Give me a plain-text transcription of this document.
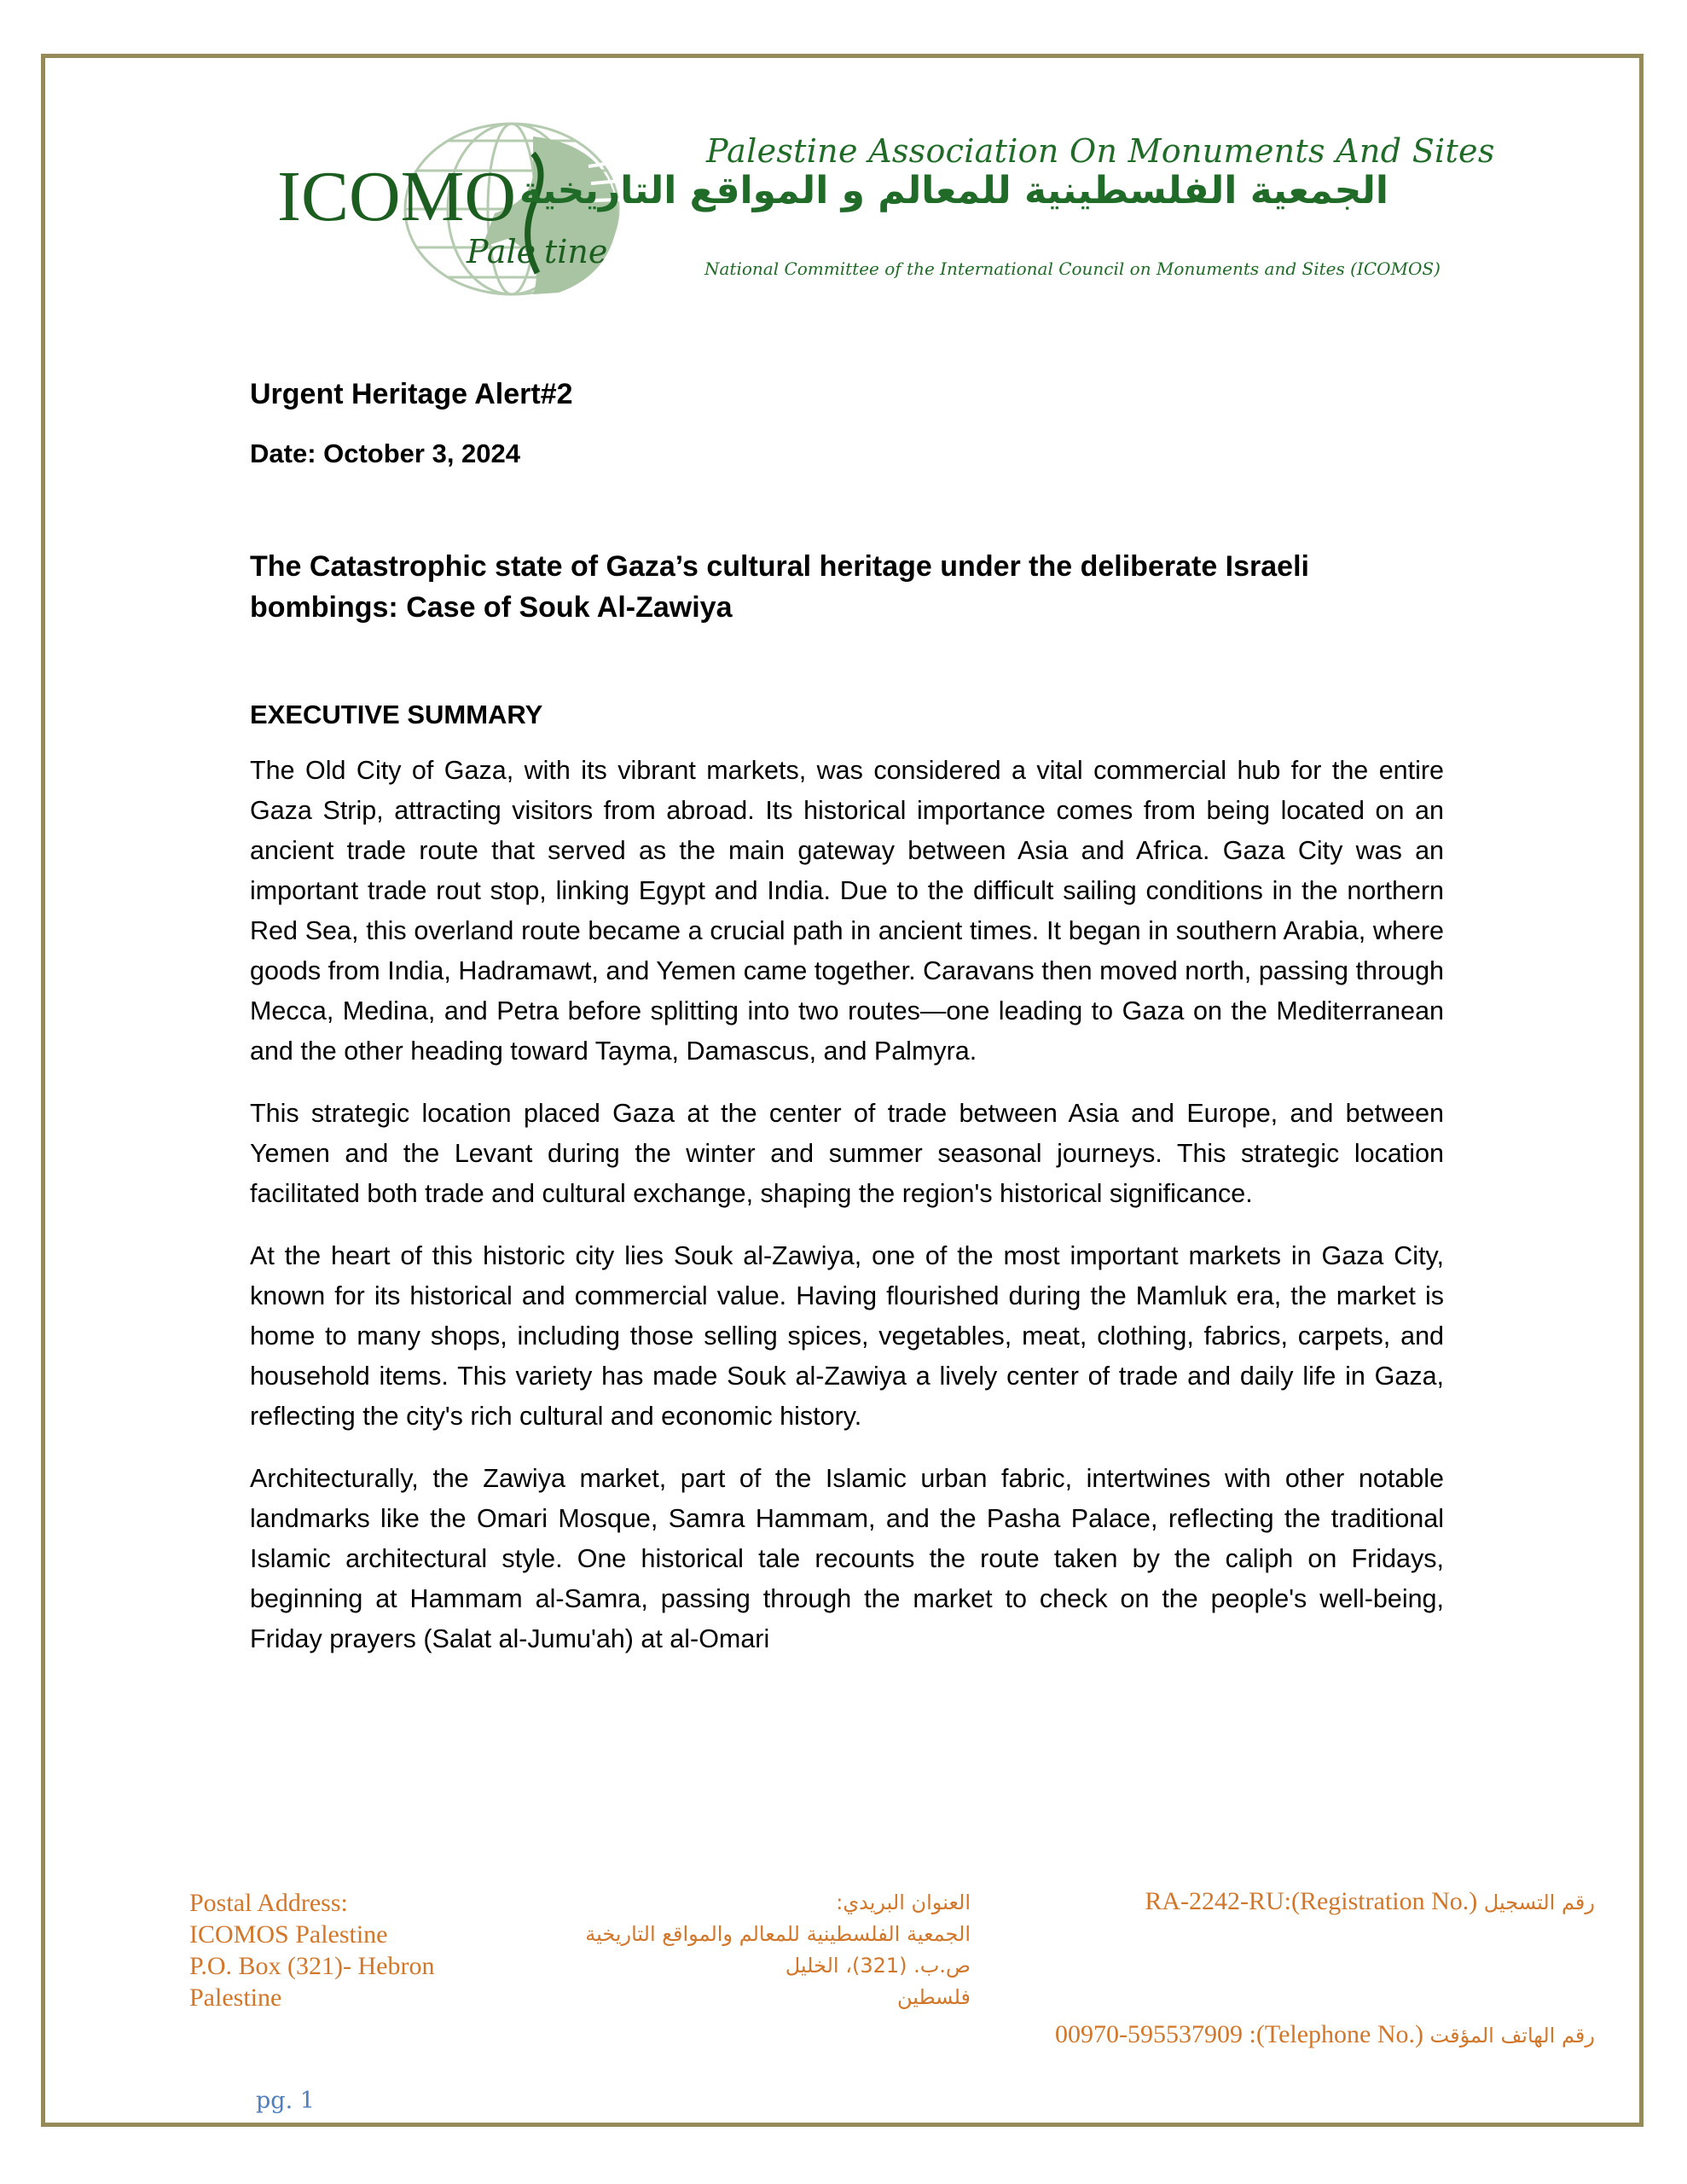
ICOMO
Pale tine
Palestine Association On Monuments And Sites
الجمعية الفلسطينية للمعالم و المواقع التاريخية
National Committee of the International Council on Monuments and Sites (ICOMOS)

Urgent Heritage Alert#2

Date: October 3, 2024

The Catastrophic state of Gaza’s cultural heritage under the deliberate Israeli bombings: Case of Souk Al-Zawiya

EXECUTIVE SUMMARY

The Old City of Gaza, with its vibrant markets, was considered a vital commercial hub for the entire Gaza Strip, attracting visitors from abroad. Its historical importance comes from being located on an ancient trade route that served as the main gateway between Asia and Africa. Gaza City was an important trade rout stop, linking Egypt and India. Due to the difficult sailing conditions in the northern Red Sea, this overland route became a crucial path in ancient times. It began in southern Arabia, where goods from India, Hadramawt, and Yemen came together. Caravans then moved north, passing through Mecca, Medina, and Petra before splitting into two routes—one leading to Gaza on the Mediterranean and the other heading toward Tayma, Damascus, and Palmyra.

This strategic location placed Gaza at the center of trade between Asia and Europe, and between Yemen and the Levant during the winter and summer seasonal journeys. This strategic location facilitated both trade and cultural exchange, shaping the region's historical significance.

At the heart of this historic city lies Souk al-Zawiya, one of the most important markets in Gaza City, known for its historical and commercial value. Having flourished during the Mamluk era, the market is home to many shops, including those selling spices, vegetables, meat, clothing, fabrics, carpets, and household items. This variety has made Souk al-Zawiya a lively center of trade and daily life in Gaza, reflecting the city's rich cultural and economic history.

Architecturally, the Zawiya market, part of the Islamic urban fabric, intertwines with other notable landmarks like the Omari Mosque, Samra Hammam, and the Pasha Palace, reflecting the traditional Islamic architectural style. One historical tale recounts the route taken by the caliph on Fridays, beginning at Hammam al-Samra, passing through the market to check on the people's well-being, Friday prayers (Salat al-Jumu'ah) at al-Omari

Postal Address:
ICOMOS Palestine
P.O. Box (321)- Hebron
Palestine
العنوان البريدي:
الجمعية الفلسطينية للمعالم والمواقع التاريخية
ص.ب. (321)، الخليل
فلسطين
RA-2242-RU:(Registration No.) رقم التسجيل
00970-595537909 :(Telephone No.) رقم الهاتف المؤقت
pg. 1
